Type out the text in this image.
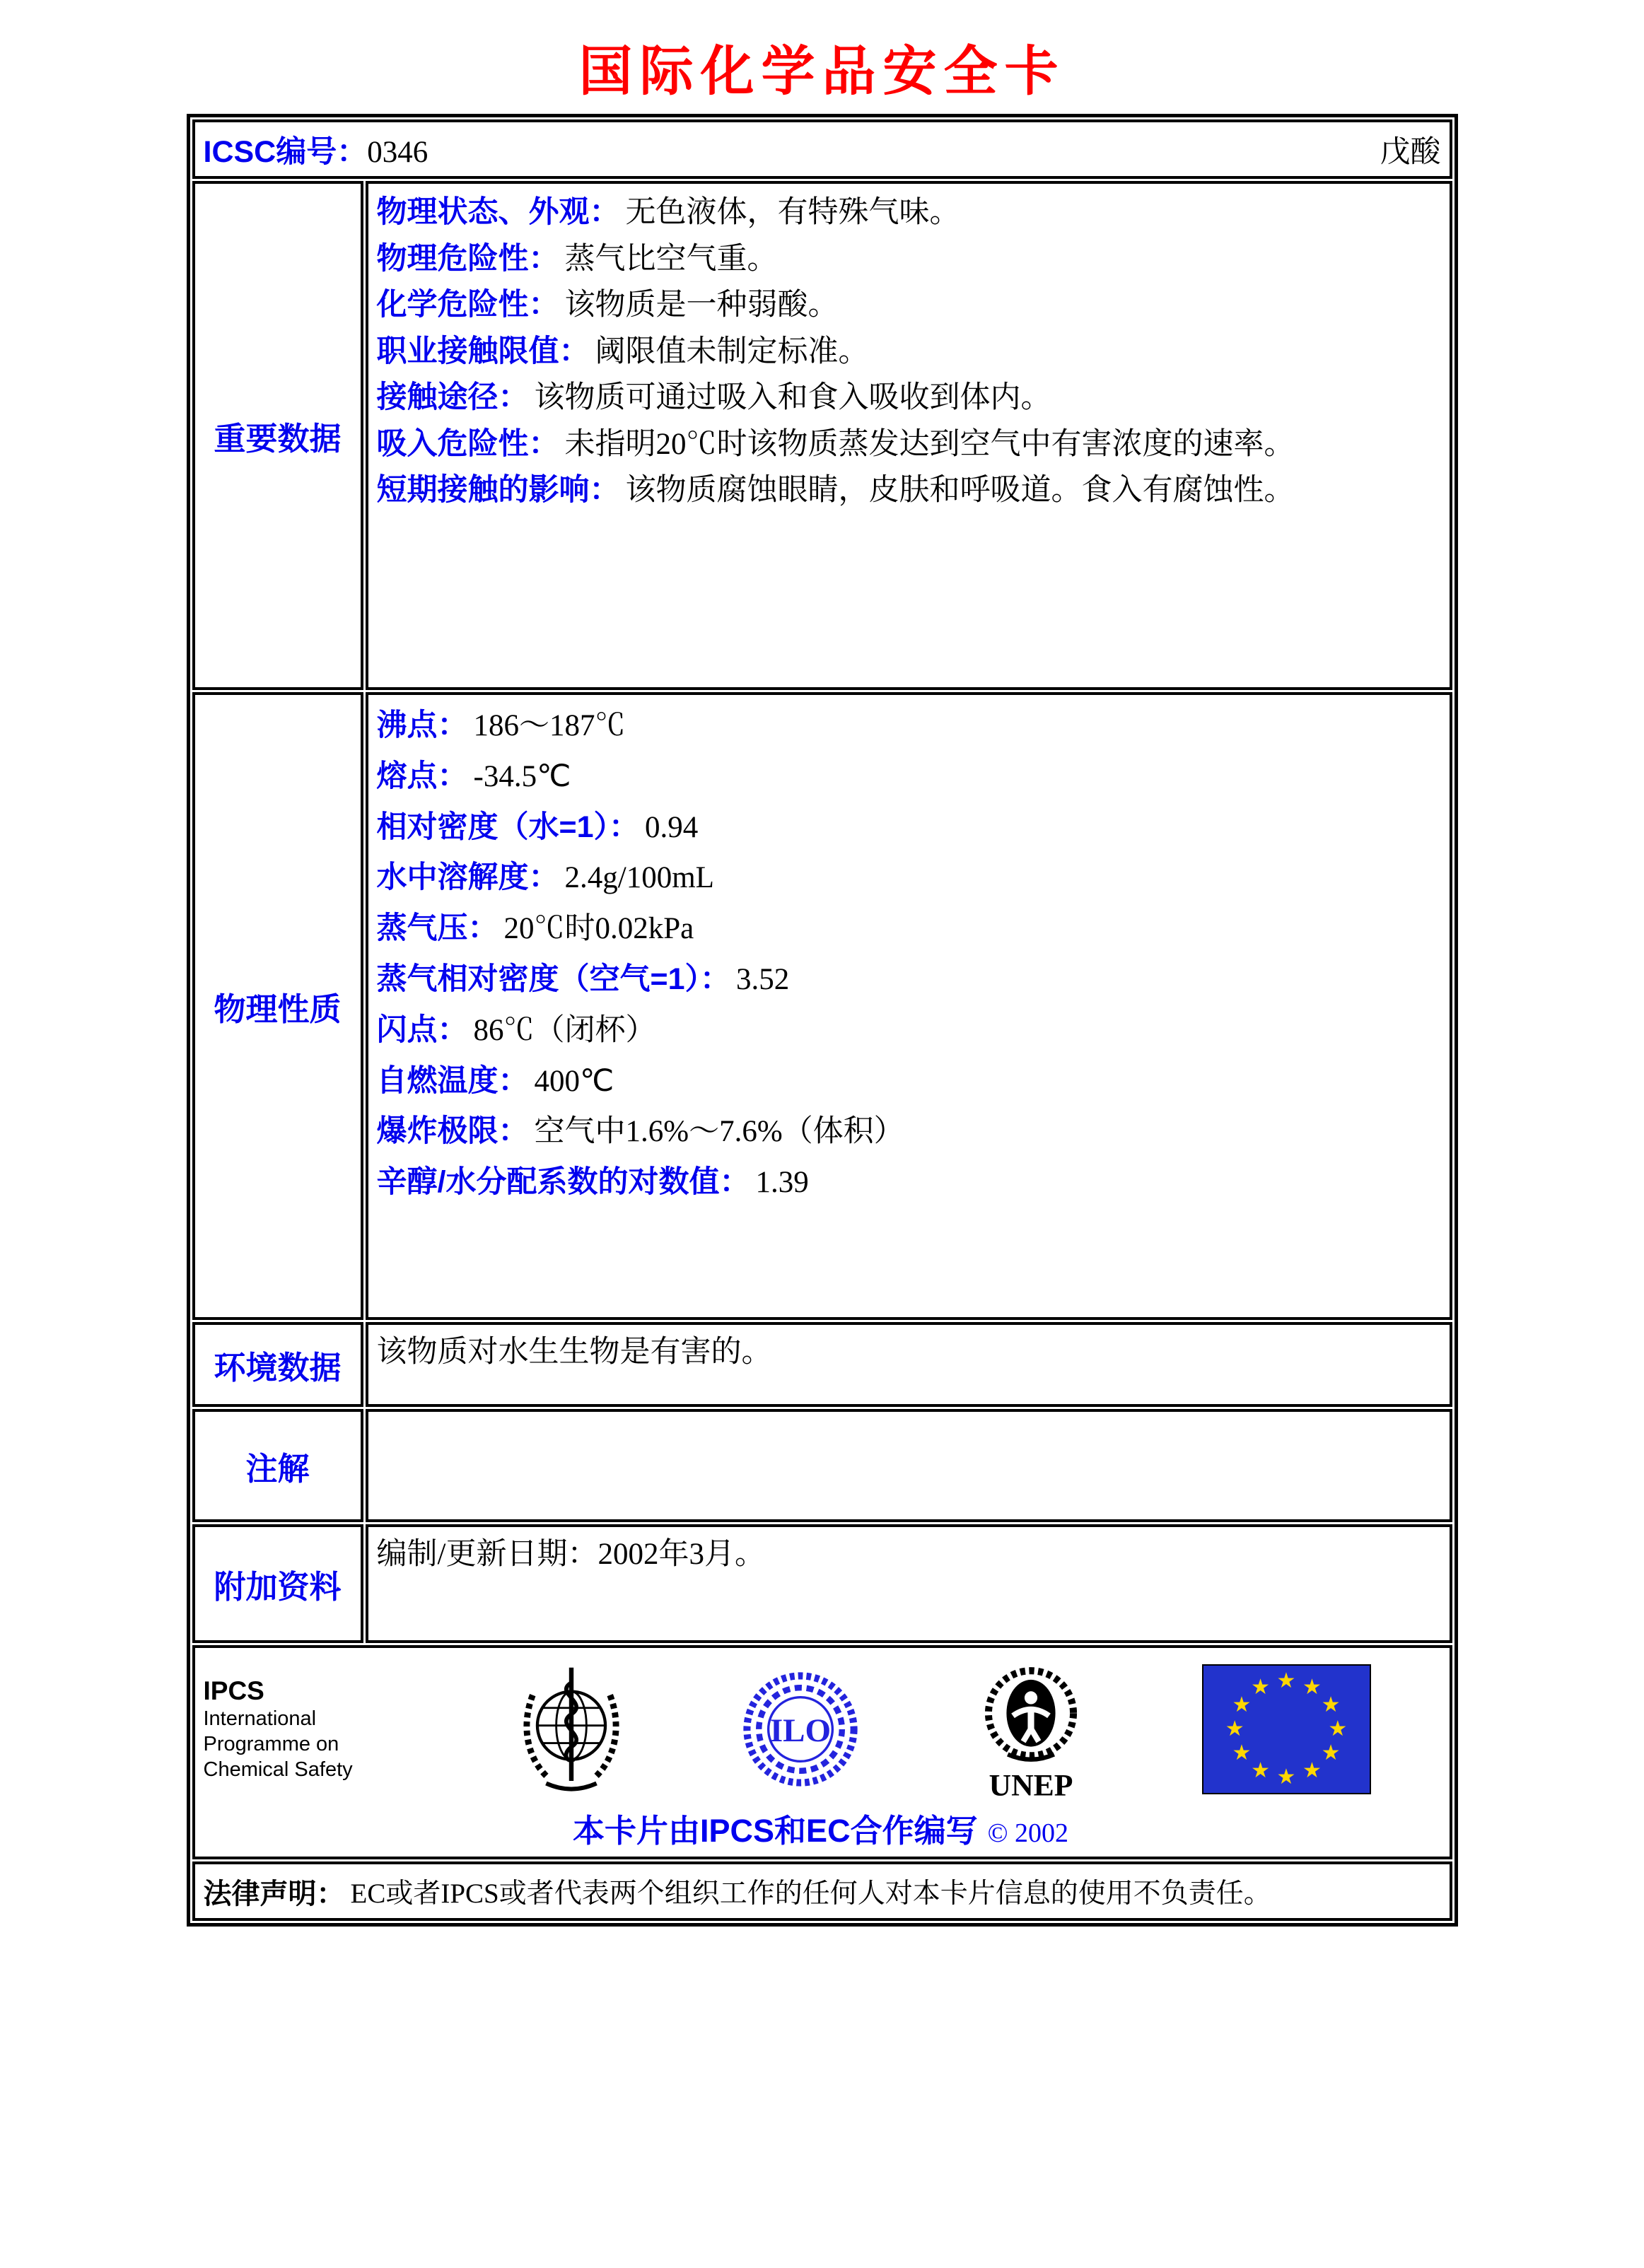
国际化学品安全卡
ICSC编号：0346	戊酸
重要数据
物理状态、外观： 无色液体，有特殊气味。
物理危险性： 蒸气比空气重。
化学危险性： 该物质是一种弱酸。
职业接触限值： 阈限值未制定标准。
接触途径： 该物质可通过吸入和食入吸收到体内。
吸入危险性： 未指明20℃时该物质蒸发达到空气中有害浓度的速率。
短期接触的影响： 该物质腐蚀眼睛，皮肤和呼吸道。食入有腐蚀性。
物理性质
沸点： 186～187℃
熔点： -34.5℃
相对密度（水=1）： 0.94
水中溶解度： 2.4g/100mL
蒸气压： 20℃时0.02kPa
蒸气相对密度（空气=1）： 3.52
闪点： 86℃（闭杯）
自燃温度： 400℃
爆炸极限： 空气中1.6%～7.6%（体积）
辛醇/水分配系数的对数值： 1.39
环境数据	该物质对水生生物是有害的。
注解
附加资料
编制/更新日期：2002年3月。
IPCS
International
Programme on
Chemical Safety
ILO
UNEP
★ ★
★
★
★
★
★
★
★
★
★
★
本卡片由IPCS和EC合作编写 © 2002
法律声明： EC或者IPCS或者代表两个组织工作的任何人对本卡片信息的使用不负责任。
